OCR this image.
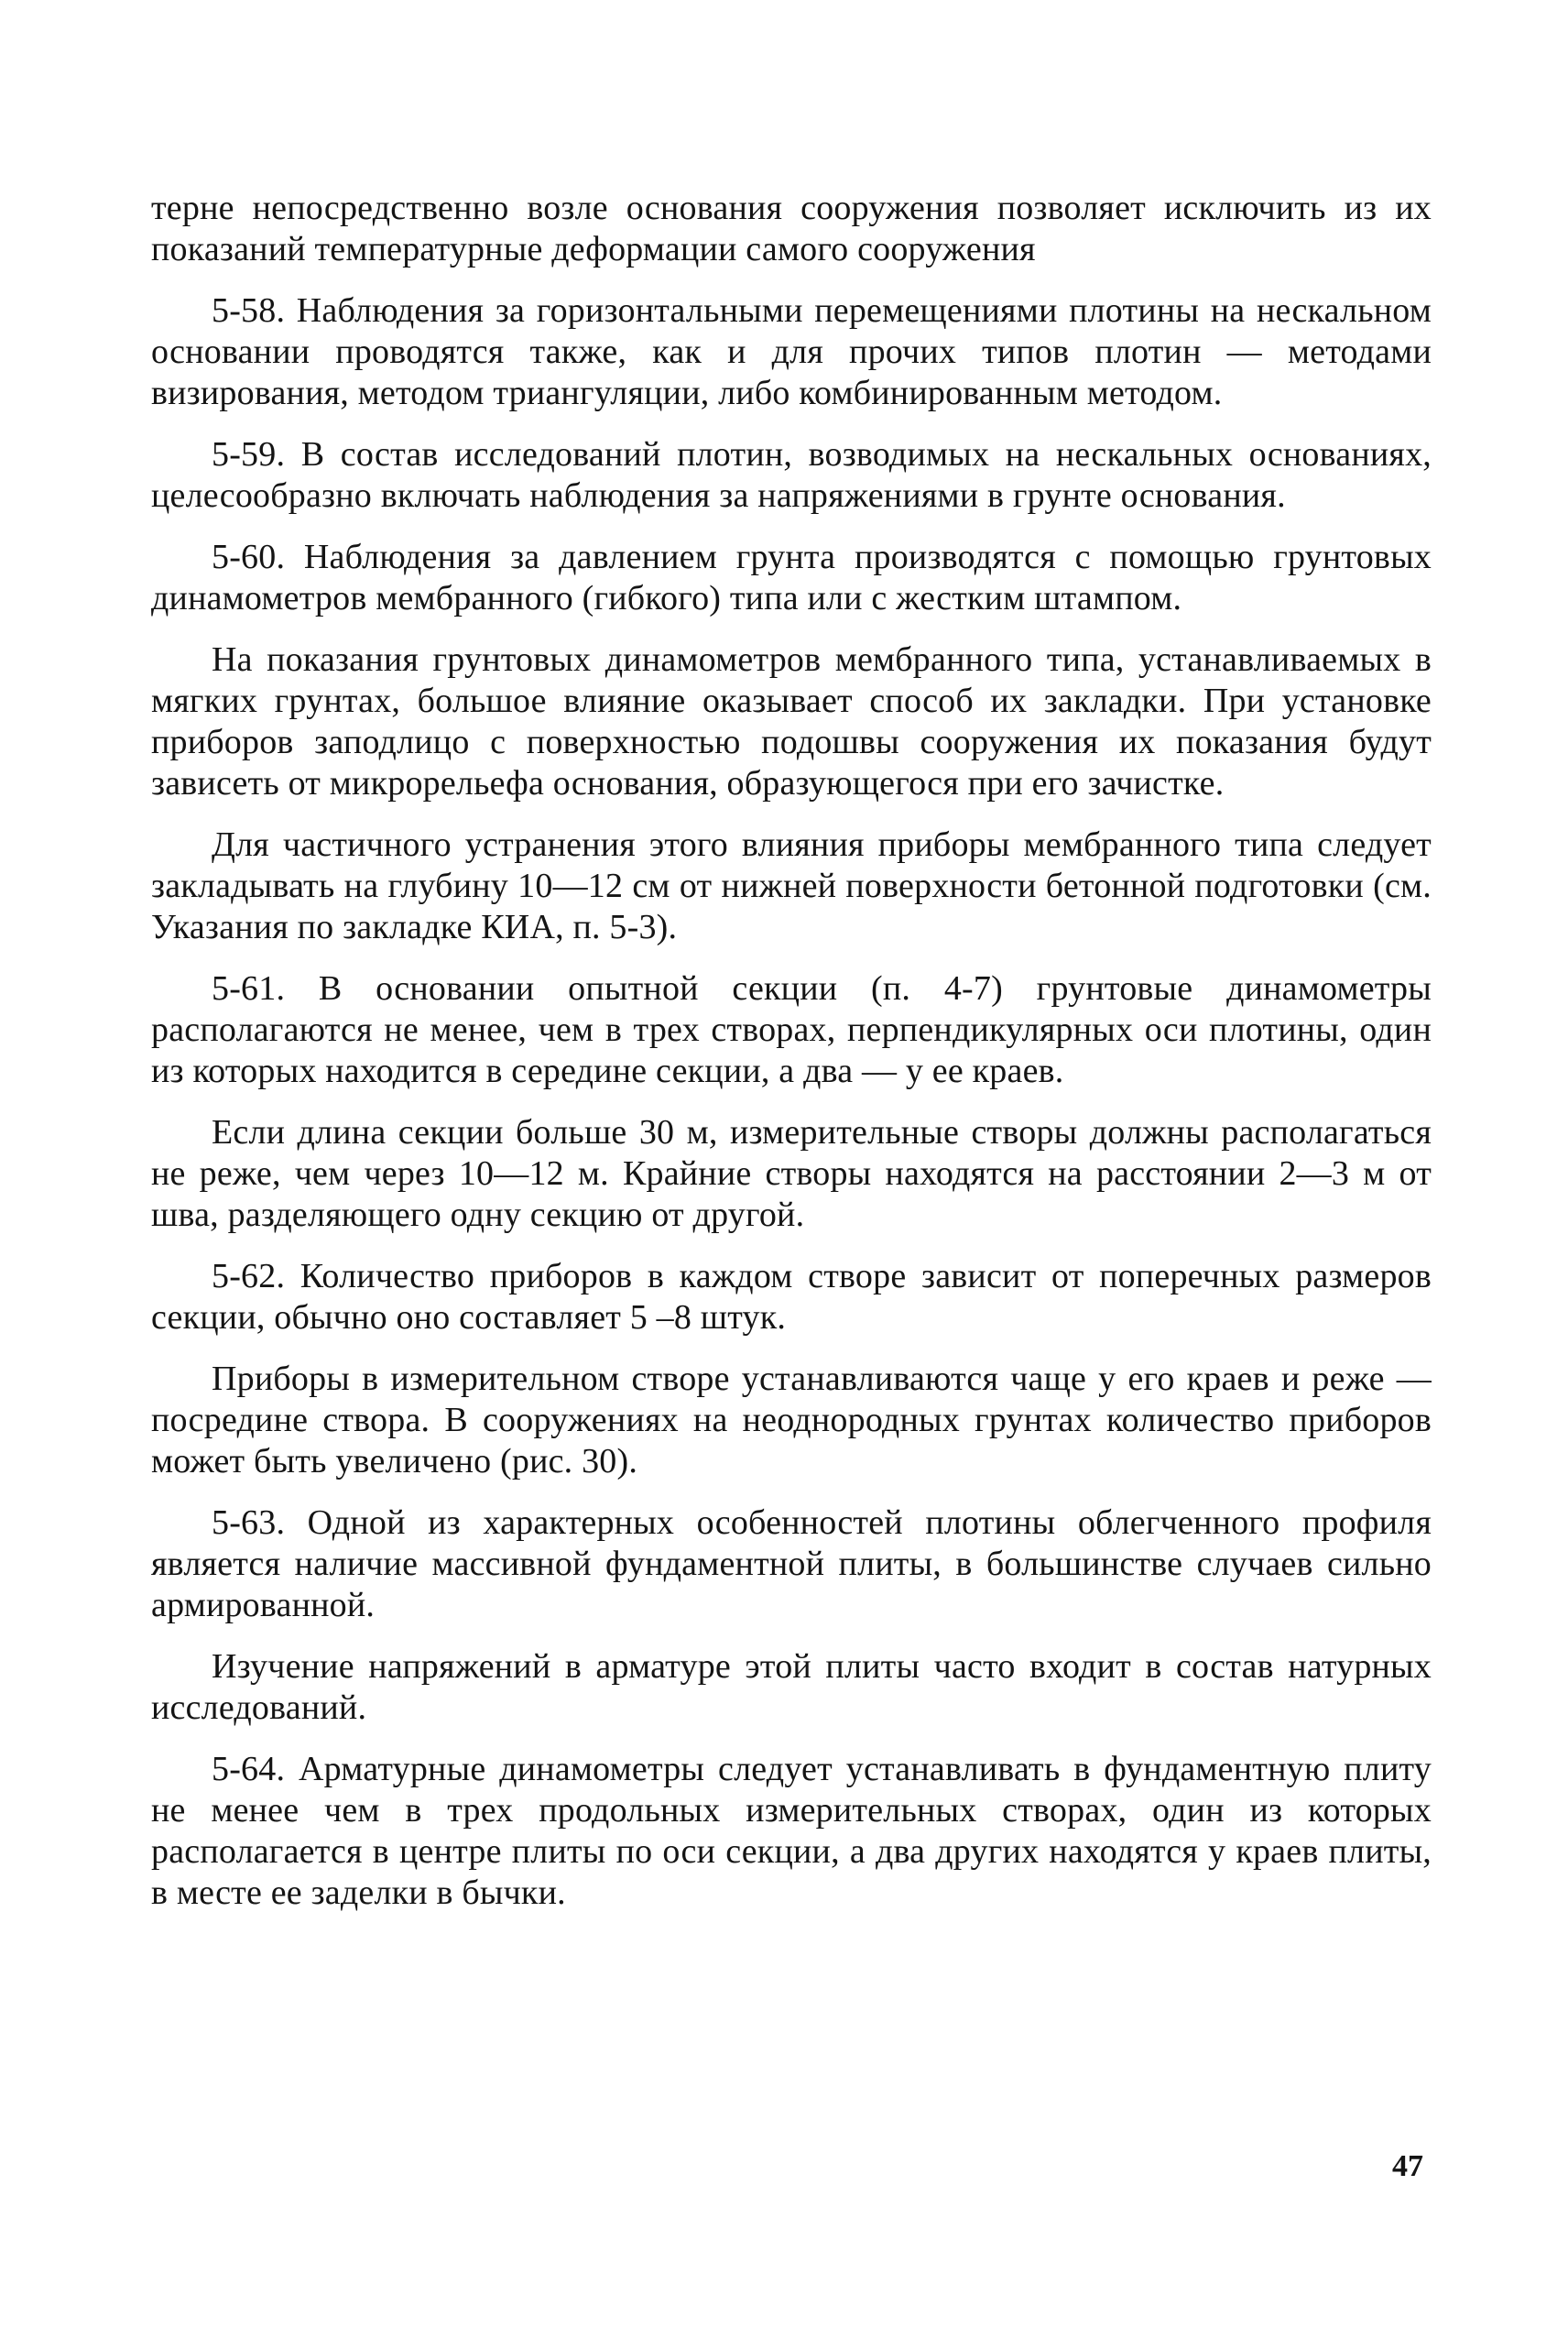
терне непосредственно возле основания сооружения позволяет исключить из их показаний температурные деформации самого сооружения

5-58. Наблюдения за горизонтальными перемещениями плотины на нескальном основании проводятся также, как и для прочих типов плотин — методами визирования, методом триангуляции, либо комбинированным методом.

5-59. В состав исследований плотин, возводимых на нескальных основаниях, целесообразно включать наблюдения за напряжениями в грунте основания.

5-60. Наблюдения за давлением грунта производятся с помощью грунтовых динамометров мембранного (гибкого) типа или с жестким штампом.

На показания грунтовых динамометров мембранного типа, устанавливаемых в мягких грунтах, большое влияние оказывает способ их закладки. При установке приборов заподлицо с поверхностью подошвы сооружения их показания будут зависеть от микрорельефа основания, образующегося при его зачистке.

Для частичного устранения этого влияния приборы мембранного типа следует закладывать на глубину 10—12 см от нижней поверхности бетонной подготовки (см. Указания по закладке КИА, п. 5-3).

5-61. В основании опытной секции (п. 4-7) грунтовые динамометры располагаются не менее, чем в трех створах, перпендикулярных оси плотины, один из которых находится в середине секции, а два — у ее краев.

Если длина секции больше 30 м, измерительные створы должны располагаться не реже, чем через 10—12 м. Крайние створы находятся на расстоянии 2—3 м от шва, разделяющего одну секцию от другой.

5-62. Количество приборов в каждом створе зависит от поперечных размеров секции, обычно оно составляет 5 –8 штук.

Приборы в измерительном створе устанавливаются чаще у его краев и реже — посредине створа. В сооружениях на неоднородных грунтах количество приборов может быть увеличено (рис. 30).

5-63. Одной из характерных особенностей плотины облегченного профиля является наличие массивной фундаментной плиты, в большинстве случаев сильно армированной.

Изучение напряжений в арматуре этой плиты часто входит в состав натурных исследований.

5-64. Арматурные динамометры следует устанавливать в фундаментную плиту не менее чем в трех продольных измерительных створах, один из которых располагается в центре плиты по оси секции, а два других находятся у краев плиты, в месте ее заделки в бычки.

47
